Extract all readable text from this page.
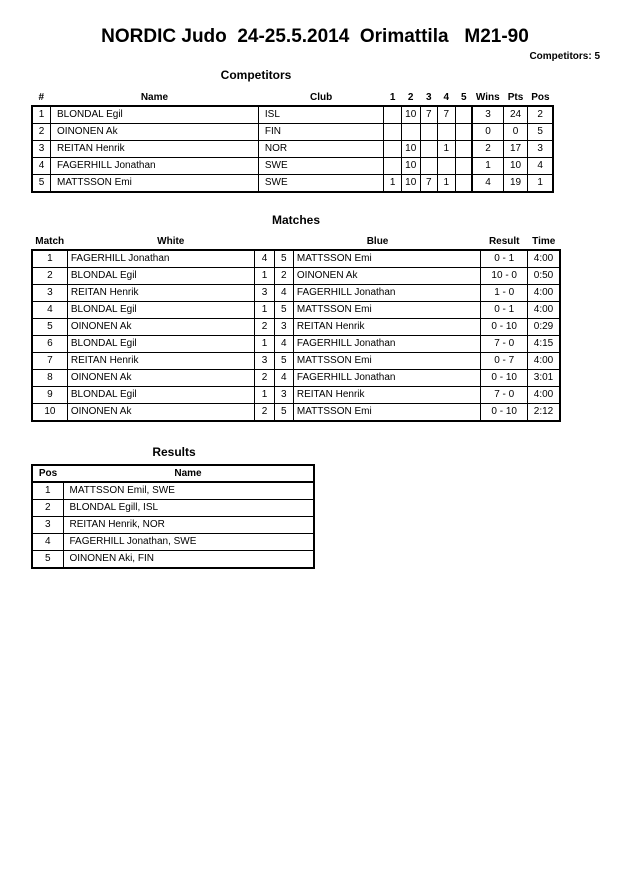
NORDIC Judo  24-25.5.2014  Orimattila   M21-90
Competitors: 5
Competitors
#	Name	Club	1	2	3	4	5	Wins	Pts	Pos
1	BLONDAL Egil	ISL		10	7	7		3	24	2
2	OINONEN Ak	FIN						0	0	5
3	REITAN Henrik	NOR		10		1		2	17	3
4	FAGERHILL Jonathan	SWE		10				1	10	4
5	MATTSSON Emi	SWE	1	10	7	1		4	19	1
Matches
Match	White		Blue		Result	Time
1	FAGERHILL Jonathan	4	5	MATTSSON Emi	0 - 1	4:00
2	BLONDAL Egil	1	2	OINONEN Ak	10 - 0	0:50
3	REITAN Henrik	3	4	FAGERHILL Jonathan	1 - 0	4:00
4	BLONDAL Egil	1	5	MATTSSON Emi	0 - 1	4:00
5	OINONEN Ak	2	3	REITAN Henrik	0 - 10	0:29
6	BLONDAL Egil	1	4	FAGERHILL Jonathan	7 - 0	4:15
7	REITAN Henrik	3	5	MATTSSON Emi	0 - 7	4:00
8	OINONEN Ak	2	4	FAGERHILL Jonathan	0 - 10	3:01
9	BLONDAL Egil	1	3	REITAN Henrik	7 - 0	4:00
10	OINONEN Ak	2	5	MATTSSON Emi	0 - 10	2:12
Results
Pos	Name
1	MATTSSON Emil, SWE
2	BLONDAL Egill, ISL
3	REITAN Henrik, NOR
4	FAGERHILL Jonathan, SWE
5	OINONEN Aki, FIN
